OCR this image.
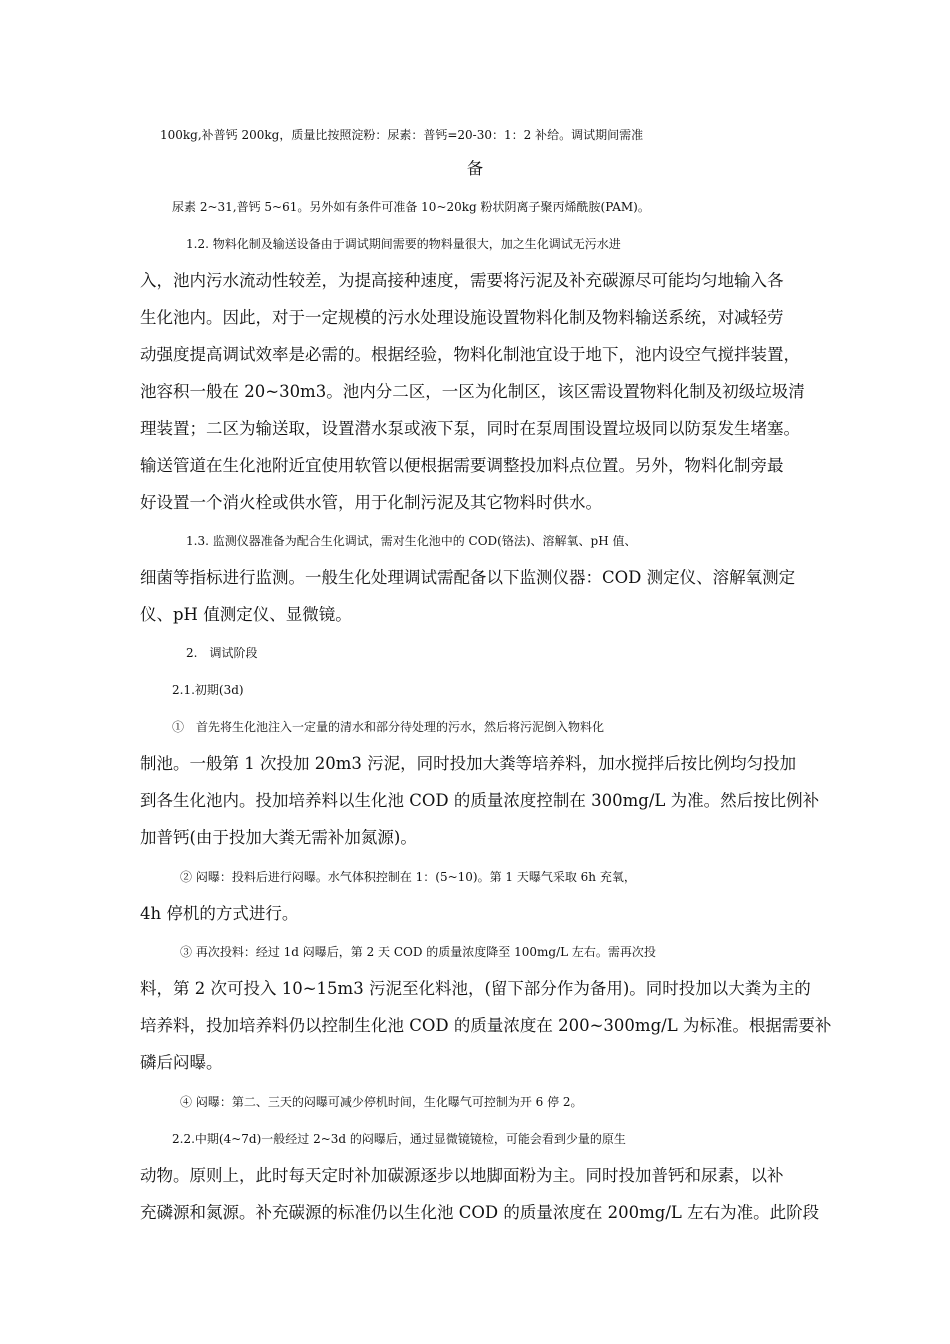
100kg,补普钙 200kg，质量比按照淀粉：尿素：普钙=20-30：1：2 补给。调试期间需准
备
尿素 2~31,普钙 5~61。另外如有条件可准备 10~20kg 粉状阴离子聚丙烯酰胺(PAM)。
1.2. 物料化制及输送设备由于调试期间需要的物料量很大，加之生化调试无污水进
入，池内污水流动性较差，为提高接种速度，需要将污泥及补充碳源尽可能均匀地输入各
生化池内。因此，对于一定规模的污水处理设施设置物料化制及物料输送系统，对减轻劳
动强度提高调试效率是必需的。根据经验，物料化制池宜设于地下，池内设空气搅拌装置，
池容积一般在 20~30m3。池内分二区，一区为化制区，该区需设置物料化制及初级垃圾清
理装置；二区为输送取，设置潜水泵或液下泵，同时在泵周围设置垃圾同以防泵发生堵塞。
输送管道在生化池附近宜使用软管以便根据需要调整投加料点位置。另外，物料化制旁最
好设置一个消火栓或供水管，用于化制污泥及其它物料时供水。
1.3. 监测仪器准备为配合生化调试，需对生化池中的 COD(铬法)、溶解氧、pH 值、
细菌等指标进行监测。一般生化处理调试需配备以下监测仪器：COD 测定仪、溶解氧测定
仪、pH 值测定仪、显微镜。
2.　调试阶段
2.1.初期(3d)
①　首先将生化池注入一定量的清水和部分待处理的污水，然后将污泥倒入物料化
制池。一般第 1 次投加 20m3 污泥，同时投加大粪等培养料，加水搅拌后按比例均匀投加
到各生化池内。投加培养料以生化池 COD 的质量浓度控制在 300mg/L 为准。然后按比例补
加普钙(由于投加大粪无需补加氮源)。
② 闷曝：投料后进行闷曝。水气体积控制在 1：(5~10)。第 1 天曝气采取 6h 充氧，
4h 停机的方式进行。
③ 再次投料：经过 1d 闷曝后，第 2 天 COD 的质量浓度降至 100mg/L 左右。需再次投
料，第 2 次可投入 10~15m3 污泥至化料池，(留下部分作为备用)。同时投加以大粪为主的
培养料，投加培养料仍以控制生化池 COD 的质量浓度在 200~300mg/L 为标准。根据需要补
磷后闷曝。
④ 闷曝：第二、三天的闷曝可减少停机时间，生化曝气可控制为开 6 停 2。
2.2.中期(4~7d)一般经过 2~3d 的闷曝后，通过显微镜镜检，可能会看到少量的原生
动物。原则上，此时每天定时补加碳源逐步以地脚面粉为主。同时投加普钙和尿素，以补
充磷源和氮源。补充碳源的标准仍以生化池 COD 的质量浓度在 200mg/L 左右为准。此阶段
